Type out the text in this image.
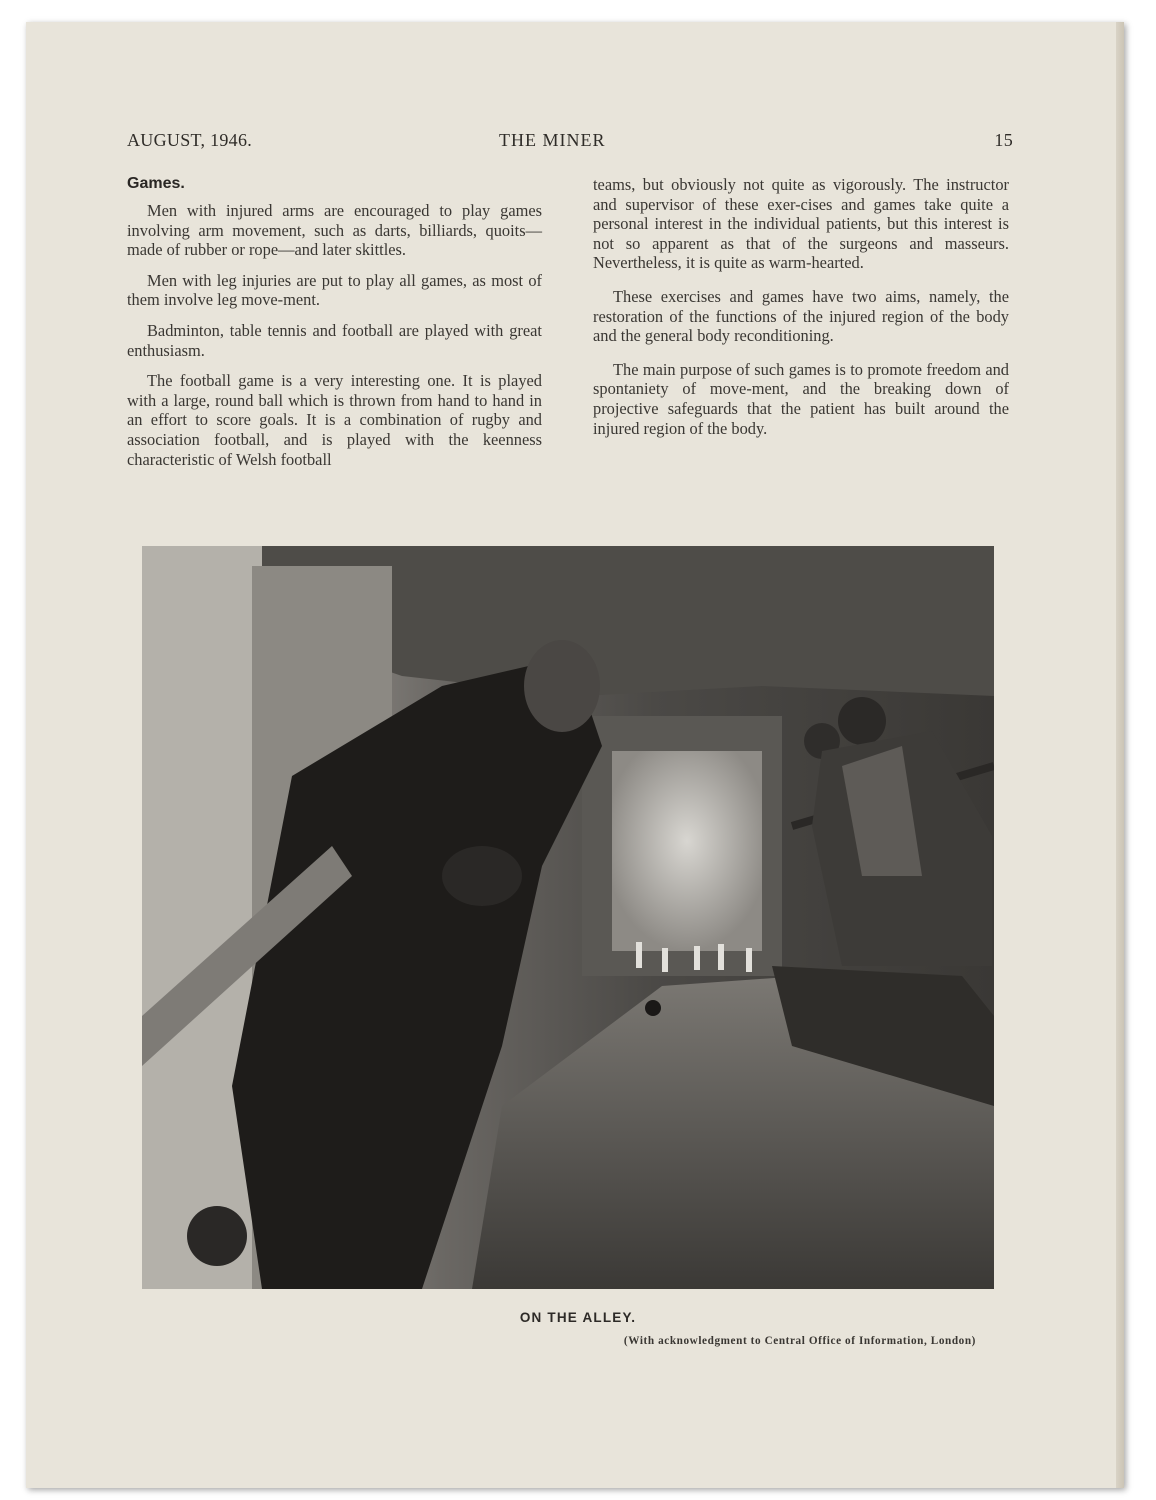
AUGUST, 1946.	THE MINER	15
Games.

Men with injured arms are encouraged to play games involving arm movement, such as darts, billiards, quoits—made of rubber or rope—and later skittles.

Men with leg injuries are put to play all games, as most of them involve leg move-ment.

Badminton, table tennis and football are played with great enthusiasm.

The football game is a very interesting one. It is played with a large, round ball which is thrown from hand to hand in an effort to score goals. It is a combination of rugby and association football, and is played with the keenness characteristic of Welsh football

teams, but obviously not quite as vigorously. The instructor and supervisor of these exer-cises and games take quite a personal interest in the individual patients, but this interest is not so apparent as that of the surgeons and masseurs. Nevertheless, it is quite as warm-hearted.

These exercises and games have two aims, namely, the restoration of the functions of the injured region of the body and the general body reconditioning.

The main purpose of such games is to promote freedom and spontaniety of move-ment, and the breaking down of projective safeguards that the patient has built around the injured region of the body.

ON THE ALLEY.
(With acknowledgment to Central Office of Information, London)
